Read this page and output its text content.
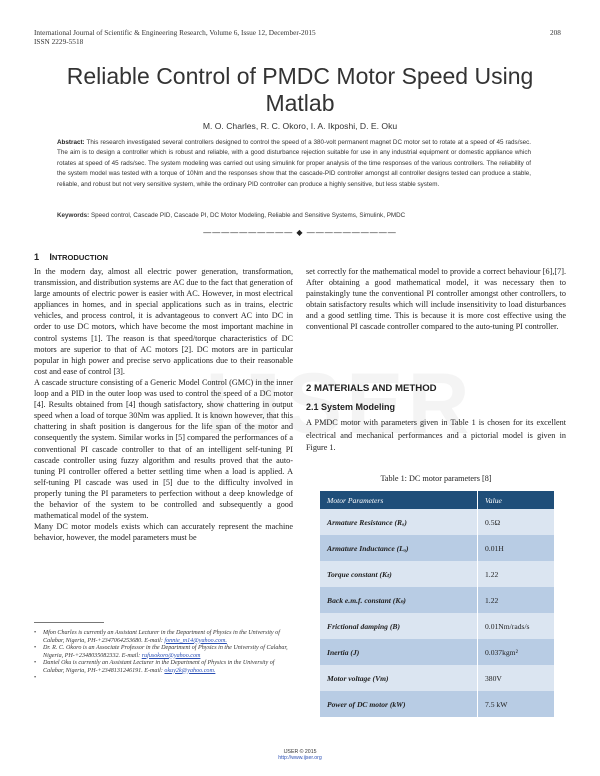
International Journal of Scientific & Engineering Research, Volume 6, Issue 12, December-2015
ISSN 2229-5518
208
Reliable Control of PMDC Motor Speed Using Matlab
M. O. Charles, R. C. Okoro, I. A. Ikposhi, D. E. Oku
Abstract: This research investigated several controllers designed to control the speed of a 380-volt permanent magnet DC motor set to rotate at a speed of 45 rads/sec. The aim is to design a controller which is robust and reliable, with a good disturbance rejection suitable for use in any industrial equipment or domestic appliance which rotates at speed of 45 rads/sec. The system modeling was carried out using simulink for proper analysis of the time responses of the various controllers. The reliability of the system model was tested with a torque of 10Nm and the responses show that the cascade-PID controller amongst all controller designs tested can produce a stable, reliable, and robust but not very sensitive system, while the ordinary PID controller can produce a highly sensitive, but less stable system.
Keywords: Speed control, Cascade PID, Cascade PI, DC Motor Modeling, Reliable and Sensitive Systems, Simulink, PMDC
—————————— ◆ ——————————
1 INTRODUCTION

In the modern day, almost all electric power generation, transformation, transmission, and distribution systems are AC due to the fact that generation of large amounts of electric power is easier with AC. However, in most electrical appliances in homes, and in special applications such as in trains, electric vehicles, and process control, it is advantageous to convert AC into DC in order to use DC motors, which have become the most important machine in control systems [1]. The reason is that speed/torque characteristics of DC motors are superior to that of AC motors [2]. DC motors are in particular popular in high power and precise servo applications due to their reasonable cost and ease of control [3].

A cascade structure consisting of a Generic Model Control (GMC) in the inner loop and a PID in the outer loop was used to control the speed of a DC motor [4]. Results obtained from [4] though satisfactory, show chattering in output speed when a load of torque 30Nm was applied. It is known however, that this chattering in shaft position is dangerous for the life span of the motor and consequently the system. Similar works in [5] compared the performances of a conventional PI cascade controller to that of an intelligent self-tuning PI cascade controller using fuzzy algorithm and results proved that the auto-tuning PI controller offered a better settling time when a load is applied. A self-tuning PI cascade was used in [5] due to the difficulty involved in properly tuning the PI parameters to perfection without a deep knowledge of the behavior of the system to be controlled and subsequently a good mathematical model of the system.

Many DC motor models exists which can accurately represent the machine behavior, however, the model parameters must be

set correctly for the mathematical model to provide a correct behaviour [6],[7]. After obtaining a good mathematical model, it was necessary then to painstakingly tune the conventional PI controller amongst other controllers, to obtain satisfactory results which will include insensitivity to load disturbances and a good settling time. This is because it is more cost effective using the conventional PI cascade controller compared to the auto-tuning PI controller.

2 MATERIALS AND METHOD
2.1 System Modeling
A PMDC motor with parameters given in Table 1 is chosen for its excellent electrical and mechanical performances and a pictorial model is given in Figure 1.
Table 1: DC motor parameters [8]
Motor Parameters	Value
Armature Resistance (Rₐ)	0.5Ω
Armature Inductance (Lₐ)	0.01H
Torque constant (Kₜ)	1.22
Back e.m.f. constant (Kₙ)	1.22
Frictional damping (B)	0.01Nm/rads/s
Inertia (J)	0.037kgm²
Motor voltage (Vm)	380V
Power of DC motor (kW)	7.5 kW
• Mfon Charles is currently an Assistant Lecturer in the Department of Physics in the University of Calabar, Nigeria, PH-+2347064253680. E-mail: fonnie_m14@yahoo.com.
• Dr. R. C. Okoro is an Associate Professor in the Department of Physics in the University of Calabar, Nigeria, PH-+2348035082332. E-mail: rufusokoro@yahoo.com
• Daniel Oku is currently an Assistant Lecturer in the Department of Physics in the University of Calabar, Nigeria, PH-+2348131246191. E-mail: okuy2k@yahoo.com.
•
IJSER © 2015
http://www.ijser.org
